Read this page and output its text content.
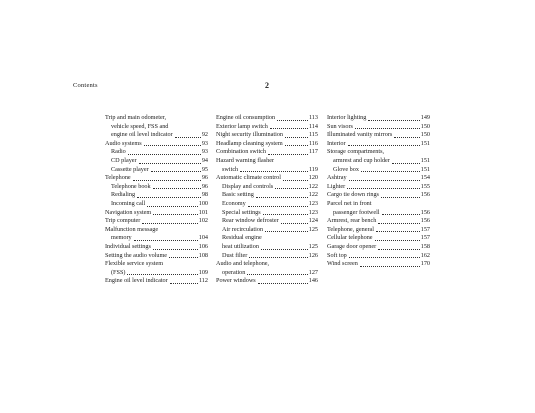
Contents	2
Trip and main odometer,
vehicle speed, FSS and
engine oil level indicator	92
Audio systems	93
Radio	93
CD player	94
Cassette player	95
Telephone	96
Telephone book	96
Redialing	98
Incoming call	100
Navigation system	101
Trip computer	102
Malfunction message
memory	104
Individual settings	106
Setting the audio volume	108
Flexible service system
(FSS)	109
Engine oil level indicator	112
Engine oil consumption	113
Exterior lamp switch	114
Night security illumination	115
Headlamp cleaning system	116
Combination switch	117
Hazard warning flasher
switch	119
Automatic climate control	120
Display and controls	122
Basic setting	122
Economy	123
Special settings	123
Rear window defroster	124
Air recirculation	125
Residual engine
heat utilization	125
Dust filter	126
Audio and telephone,
operation	127
Power windows	146
Interior lighting	149
Sun visors	150
Illuminated vanity mirrors	150
Interior	151
Storage compartments,
armrest and cup holder	151
Glove box	151
Ashtray	154
Lighter	155
Cargo tie down rings	156
Parcel net in front
passenger footwell	156
Armrest, rear bench	156
Telephone, general	157
Cellular telephone	157
Garage door opener	158
Soft top	162
Wind screen	170
